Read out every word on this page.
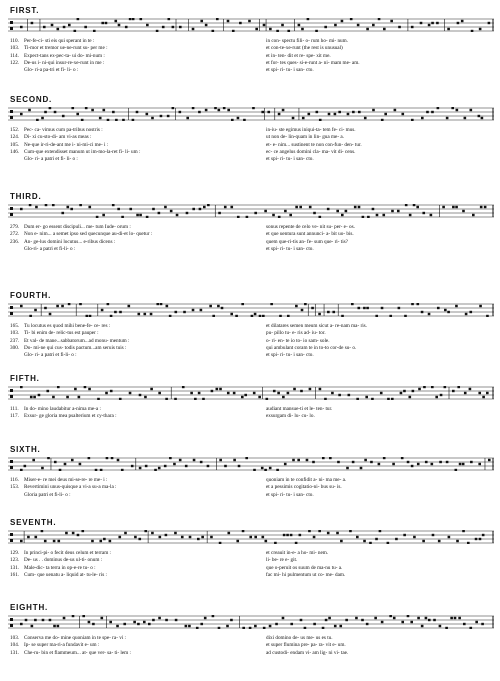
FIRST.
110. Per-fe-ci- sti eis qui sperant in te :	in con- spectu fili- o- rum ho- mi- num.
103. Ti-mor et tremor ue-ne-runt su- per me :	et con-te-xe-runt (the rest is unusual)
114. Expect-tans ex-pec-ta- ui do- mi-num :	et in- ten- dit et re- spe- xit me.
122. De-us i- ni-qui insur-re-xe-runt in me :	et for- tes ques- si-e-runt a- ni- mam me- am.
Glo- ri-a pa-tri et fi- li- o :	et spi- ri- tu- i san- cto.
SECOND.
152. Pec- ca- vimus cum pa-tribus nostris :	in-iu- ste egimus iniqui-ta- tem fe- ci- mus.
124. Di- xi cu-sto-di- am vi-as meas :	ut non de- lin-quam in lin- gua me- a.
105. Ne-que ir-ri-de-ant me i- ni-mi-ci me- i :	et- e- nim... sustinent te non con-fun- den- tur.
146. Cum-que extendisset manum ut im-mo-la-ret fi- li- um :	ec- ce angelus domini cla- ma- vit di- cens.
Glo- ri- a patri et fi- li- o :	et spi- ri- tu- i san- cto.
THIRD.
279. Dum er- go essent discipuli... me- tum Iude- orum :	sonus repente de celo ve- nit su- per- e- os.
272. Non e- nim... a semet ipso sed quecunque au-di-et lo- quetur :	et que uentura sunt annunci- a- bit uo- bis.
236. An- ge-lus domini locutus... e-ribus dicens :	quem que-ri-tis an- fe- sum que- ri- tis?
Glo-ri- a patri et fi-li- o :	et spi- ri- tu- i san- cto.
FOURTH.
165. Tu locutus es quod mihi bene-fe- ce- res :	et dilatares semen meum sicut a- re-nam ma- ris.
103. Ti- bi enim de- relic-tus est pauper :	pu- pillo tu- e- ris ad- iu- tor.
237. Et val- de mane...sabbatorum...ad monu- mentum :	o- ri- en- te io to- io sam- sole.
300. Do- mi-ne qui cus- todis pactum...am seruis tuis :	qui ambulant coram te in to-to cor-de su- o.
Glo- ri- a patri et fi-li- o :	et spi- ri- tu- i san- cto.
FIFTH.
111. In do- mino laudabitur a-nima me-a :	audiant mansue-ti et le- ten- tur.
117. Exsur- ge gloria mea psalterium et cy-thara :	exsurgam di- lu- cu- lo.
SIXTH.
116. Miser-e- re mei deus mi-se-re- re me- i :	quoniam in te confidit a- ni- ma me- a.
153. Revertimini unus-quisque a vi-a su-a ma-la :	et a pessimis cogitatio-ni- bus su- is.
Gloria patri et fi-li- o :	et spi- ri- tu- i san- cto.
SEVENTH.
129. In princi-pi- o fecit deus celum et terram :	et creauit in-e- a ho- mi- nem.
123. De- us . . dominus de-us ul-ti- onum :	li- be- re e- git.
131. Male-dic- ta terra in op-e-re tu- o :	que o-peruit os suum de ma-nu tu- a.
161. Cum- que uenatu a- liquid at- tu-le- ris :	fac mi- hi pulmentum ut co- me- dam.
EIGHTH.
103. Conserva me do- mine quoniam in te spe- ra- vi :	dixi domino de- us me- us es tu.
104. Ip- se super ma-ri-a fundavit e- um :	et super flumina pre- pa- ra- vit e- um.
131. Che-ru- bin et flammeum... at- que ver- sa- ti- lem :	ad custodi- endam vi- am lig- ni vi- tae.
